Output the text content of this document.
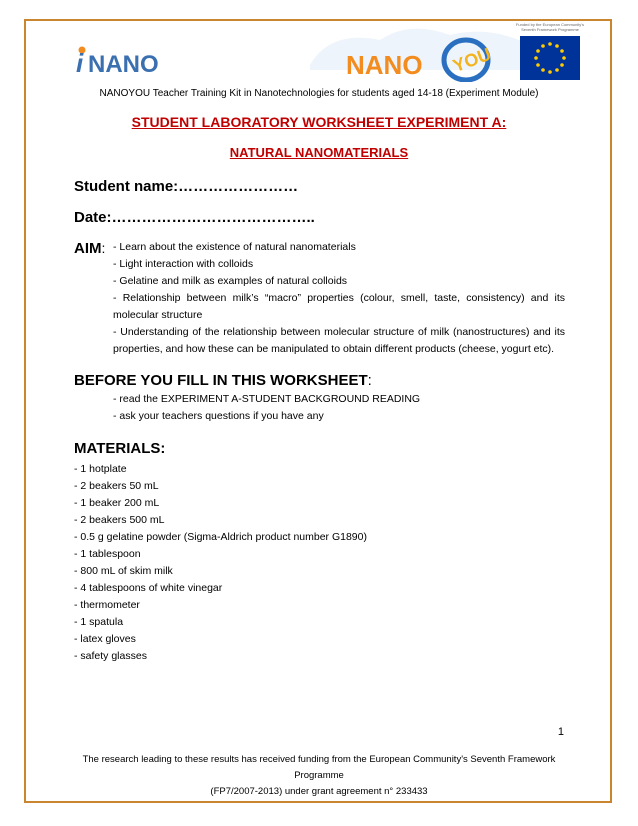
i NANO	NANO YOU
Funded by the European Community's Seventh Framework Programme
NANOYOU Teacher Training Kit in Nanotechnologies for students aged 14-18 (Experiment Module)
STUDENT LABORATORY WORKSHEET EXPERIMENT A:
NATURAL NANOMATERIALS
Student name:……………………
Date:…………………………………..
AIM: - Learn about the existence of natural nanomaterials
- Light interaction with colloids
- Gelatine and milk as examples of natural colloids
- Relationship between milk’s “macro” properties (colour, smell, taste, consistency) and its molecular structure
- Understanding of the relationship between molecular structure of milk (nanostructures) and its properties, and how these can be manipulated to obtain different products (cheese, yogurt etc).
BEFORE YOU FILL IN THIS WORKSHEET:
- read the EXPERIMENT A-STUDENT BACKGROUND READING
- ask your teachers questions if you have any
MATERIALS:
- 1 hotplate
- 2 beakers 50 mL
- 1 beaker 200 mL
- 2 beakers 500 mL
- 0.5 g gelatine powder (Sigma-Aldrich product number G1890)
- 1 tablespoon
- 800 mL of skim milk
- 4 tablespoons of white vinegar
- thermometer
- 1 spatula
- latex gloves
- safety glasses
1
The research leading to these results has received funding from the European Community's Seventh Framework Programme
(FP7/2007-2013) under grant agreement n° 233433
